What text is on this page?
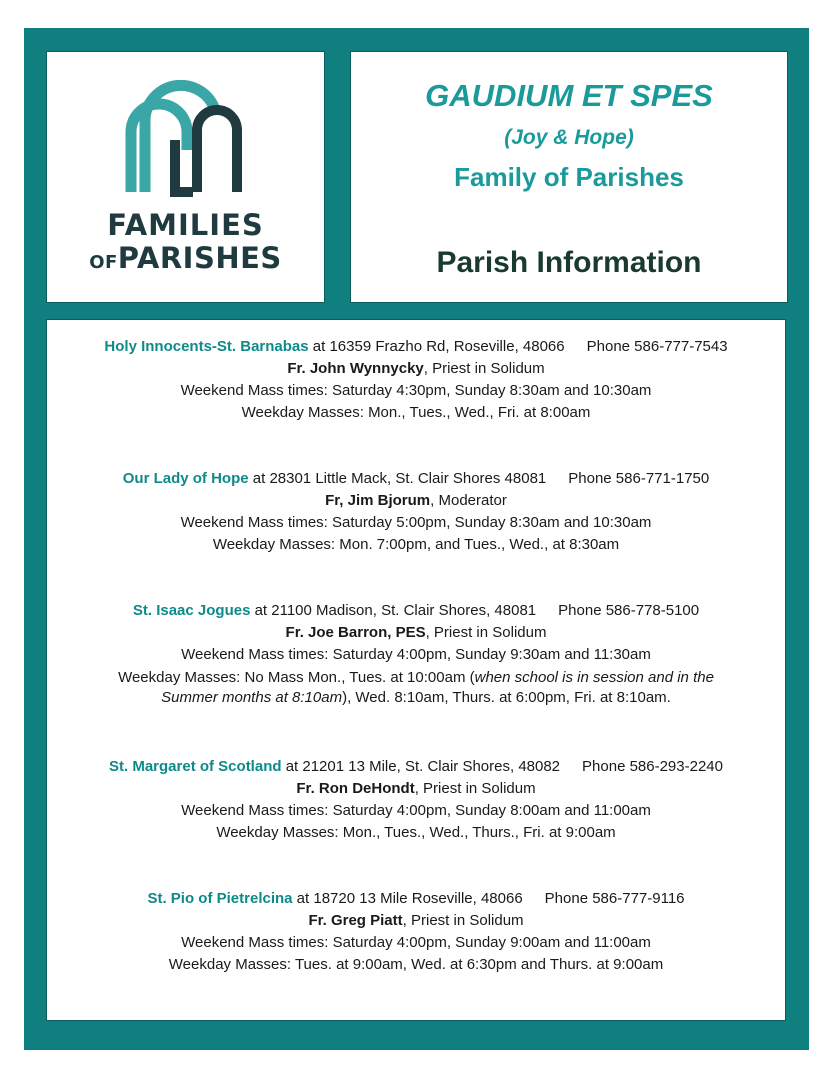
FAMILIES
OFPARISHES
GAUDIUM ET SPES
(Joy & Hope)
Family of Parishes
Parish Information
Holy Innocents-St. Barnabas at 16359 Frazho Rd, Roseville, 48066 Phone 586-777-7543
Fr. John Wynnycky, Priest in Solidum
Weekend Mass times: Saturday 4:30pm, Sunday 8:30am and 10:30am
Weekday Masses: Mon., Tues., Wed., Fri. at 8:00am
Our Lady of Hope at 28301 Little Mack, St. Clair Shores 48081 Phone 586-771-1750
Fr, Jim Bjorum, Moderator
Weekend Mass times: Saturday 5:00pm, Sunday 8:30am and 10:30am
Weekday Masses: Mon. 7:00pm, and Tues., Wed., at 8:30am
St. Isaac Jogues at 21100 Madison, St. Clair Shores, 48081 Phone 586-778-5100
Fr. Joe Barron, PES, Priest in Solidum
Weekend Mass times: Saturday 4:00pm, Sunday 9:30am and 11:30am
Weekday Masses: No Mass Mon., Tues. at 10:00am (when school is in session and in the Summer months at 8:10am), Wed. 8:10am, Thurs. at 6:00pm, Fri. at 8:10am.
St. Margaret of Scotland at 21201 13 Mile, St. Clair Shores, 48082 Phone 586-293-2240
Fr. Ron DeHondt, Priest in Solidum
Weekend Mass times: Saturday 4:00pm, Sunday 8:00am and 11:00am
Weekday Masses: Mon., Tues., Wed., Thurs., Fri. at 9:00am
St. Pio of Pietrelcina at 18720 13 Mile Roseville, 48066 Phone 586-777-9116
Fr. Greg Piatt, Priest in Solidum
Weekend Mass times: Saturday 4:00pm, Sunday 9:00am and 11:00am
Weekday Masses: Tues. at 9:00am, Wed. at 6:30pm and Thurs. at 9:00am
